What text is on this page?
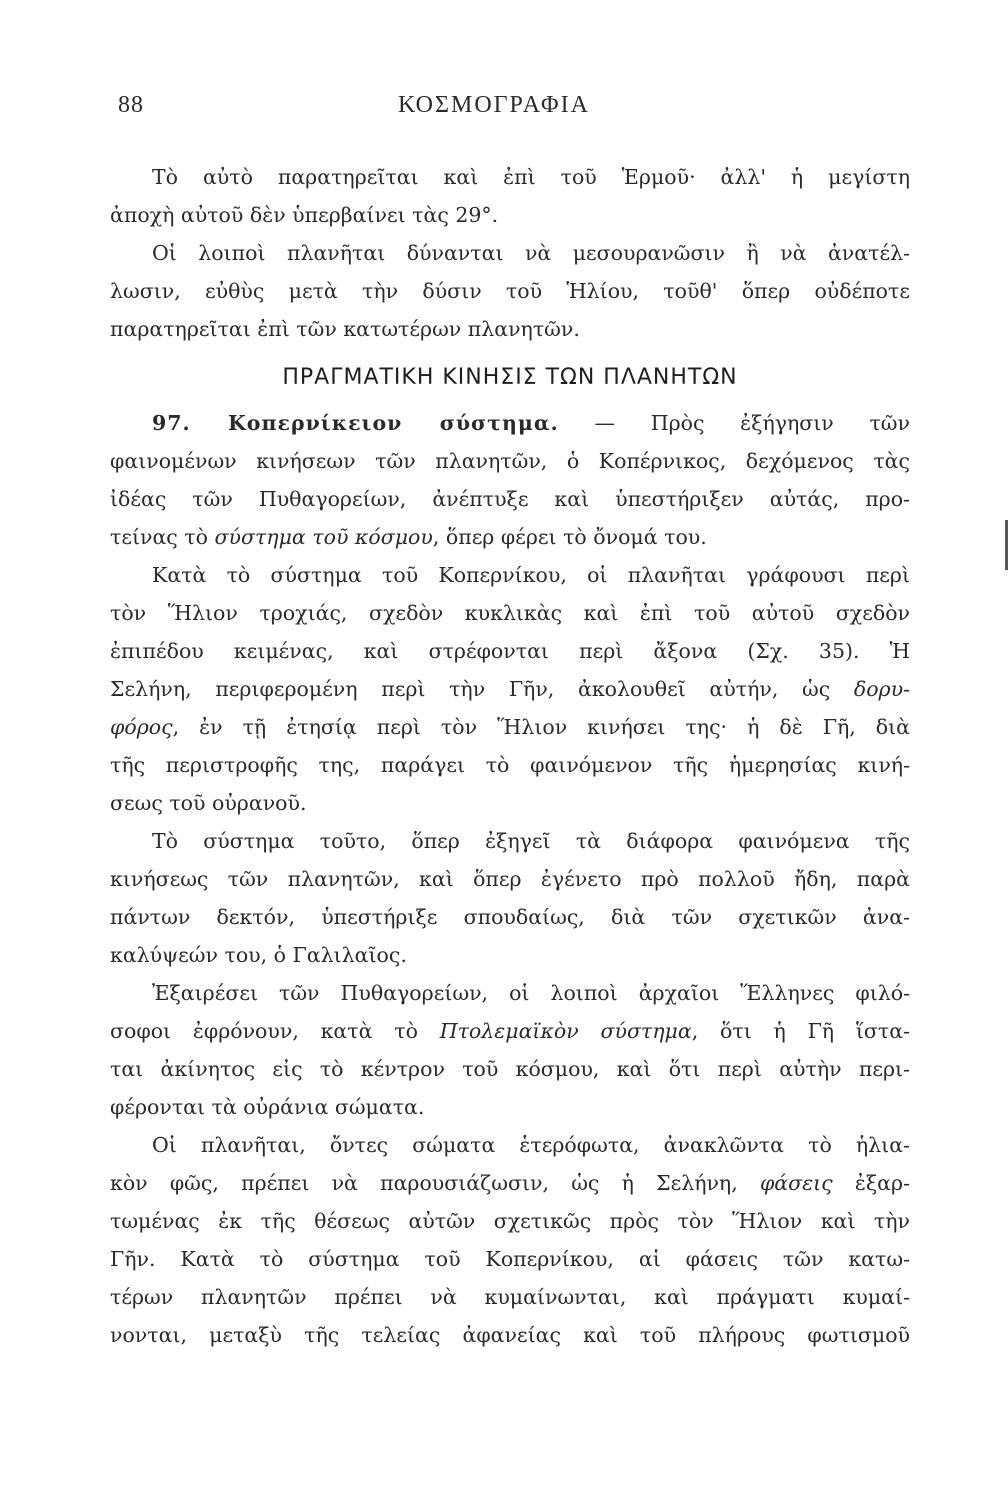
88	ΚΟΣΜΟΓΡΑΦΙΑ
Τὸ αὐτὸ παρατηρεῖται καὶ ἐπὶ τοῦ Ἑρμοῦ· ἀλλ' ἡ μεγίστη
ἀποχὴ αὐτοῦ δὲν ὑπερβαίνει τὰς 29°.
Οἱ λοιποὶ πλανῆται δύνανται νὰ μεσουρανῶσιν ἢ νὰ ἀνατέλ-
λωσιν, εὐθὺς μετὰ τὴν δύσιν τοῦ Ἡλίου, τοῦθ' ὅπερ οὐδέποτε
παρατηρεῖται ἐπὶ τῶν κατωτέρων πλανητῶν.
ΠΡΑΓΜΑΤΙΚΗ ΚΙΝΗΣΙΣ ΤΩΝ ΠΛΑΝΗΤΩΝ
97. Κοπερνίκειον σύστημα. — Πρὸς ἐξήγησιν τῶν
φαινομένων κινήσεων τῶν πλανητῶν, ὁ Κοπέρνικος, δεχόμενος τὰς
ἰδέας τῶν Πυθαγορείων, ἀνέπτυξε καὶ ὑπεστήριξεν αὐτάς, προ-
τείνας τὸ σύστημα τοῦ κόσμου, ὅπερ φέρει τὸ ὄνομά του.
Κατὰ τὸ σύστημα τοῦ Κοπερνίκου, οἱ πλανῆται γράφουσι περὶ
τὸν Ἥλιον τροχιάς, σχεδὸν κυκλικὰς καὶ ἐπὶ τοῦ αὐτοῦ σχεδὸν
ἐπιπέδου κειμένας, καὶ στρέφονται περὶ ἄξονα (Σχ. 35). Ἡ
Σελήνη, περιφερομένη περὶ τὴν Γῆν, ἀκολουθεῖ αὐτήν, ὡς δορυ-
φόρος, ἐν τῇ ἐτησίᾳ περὶ τὸν Ἥλιον κινήσει της· ἡ δὲ Γῆ, διὰ
τῆς περιστροφῆς της, παράγει τὸ φαινόμενον τῆς ἡμερησίας κινή-
σεως τοῦ οὐρανοῦ.
Τὸ σύστημα τοῦτο, ὅπερ ἐξηγεῖ τὰ διάφορα φαινόμενα τῆς
κινήσεως τῶν πλανητῶν, καὶ ὅπερ ἐγένετο πρὸ πολλοῦ ἤδη, παρὰ
πάντων δεκτόν, ὑπεστήριξε σπουδαίως, διὰ τῶν σχετικῶν ἀνα-
καλύψεών του, ὁ Γαλιλαῖος.
Ἐξαιρέσει τῶν Πυθαγορείων, οἱ λοιποὶ ἀρχαῖοι Ἕλληνες φιλό-
σοφοι ἐφρόνουν, κατὰ τὸ Πτολεμαϊκὸν σύστημα, ὅτι ἡ Γῆ ἵστα-
ται ἀκίνητος εἰς τὸ κέντρον τοῦ κόσμου, καὶ ὅτι περὶ αὐτὴν περι-
φέρονται τὰ οὐράνια σώματα.
Οἱ πλανῆται, ὄντες σώματα ἑτερόφωτα, ἀνακλῶντα τὸ ἡλια-
κὸν φῶς, πρέπει νὰ παρουσιάζωσιν, ὡς ἡ Σελήνη, φάσεις ἐξαρ-
τωμένας ἐκ τῆς θέσεως αὐτῶν σχετικῶς πρὸς τὸν Ἥλιον καὶ τὴν
Γῆν. Κατὰ τὸ σύστημα τοῦ Κοπερνίκου, αἱ φάσεις τῶν κατω-
τέρων πλανητῶν πρέπει νὰ κυμαίνωνται, καὶ πράγματι κυμαί-
νονται, μεταξὺ τῆς τελείας ἀφανείας καὶ τοῦ πλήρους φωτισμοῦ
